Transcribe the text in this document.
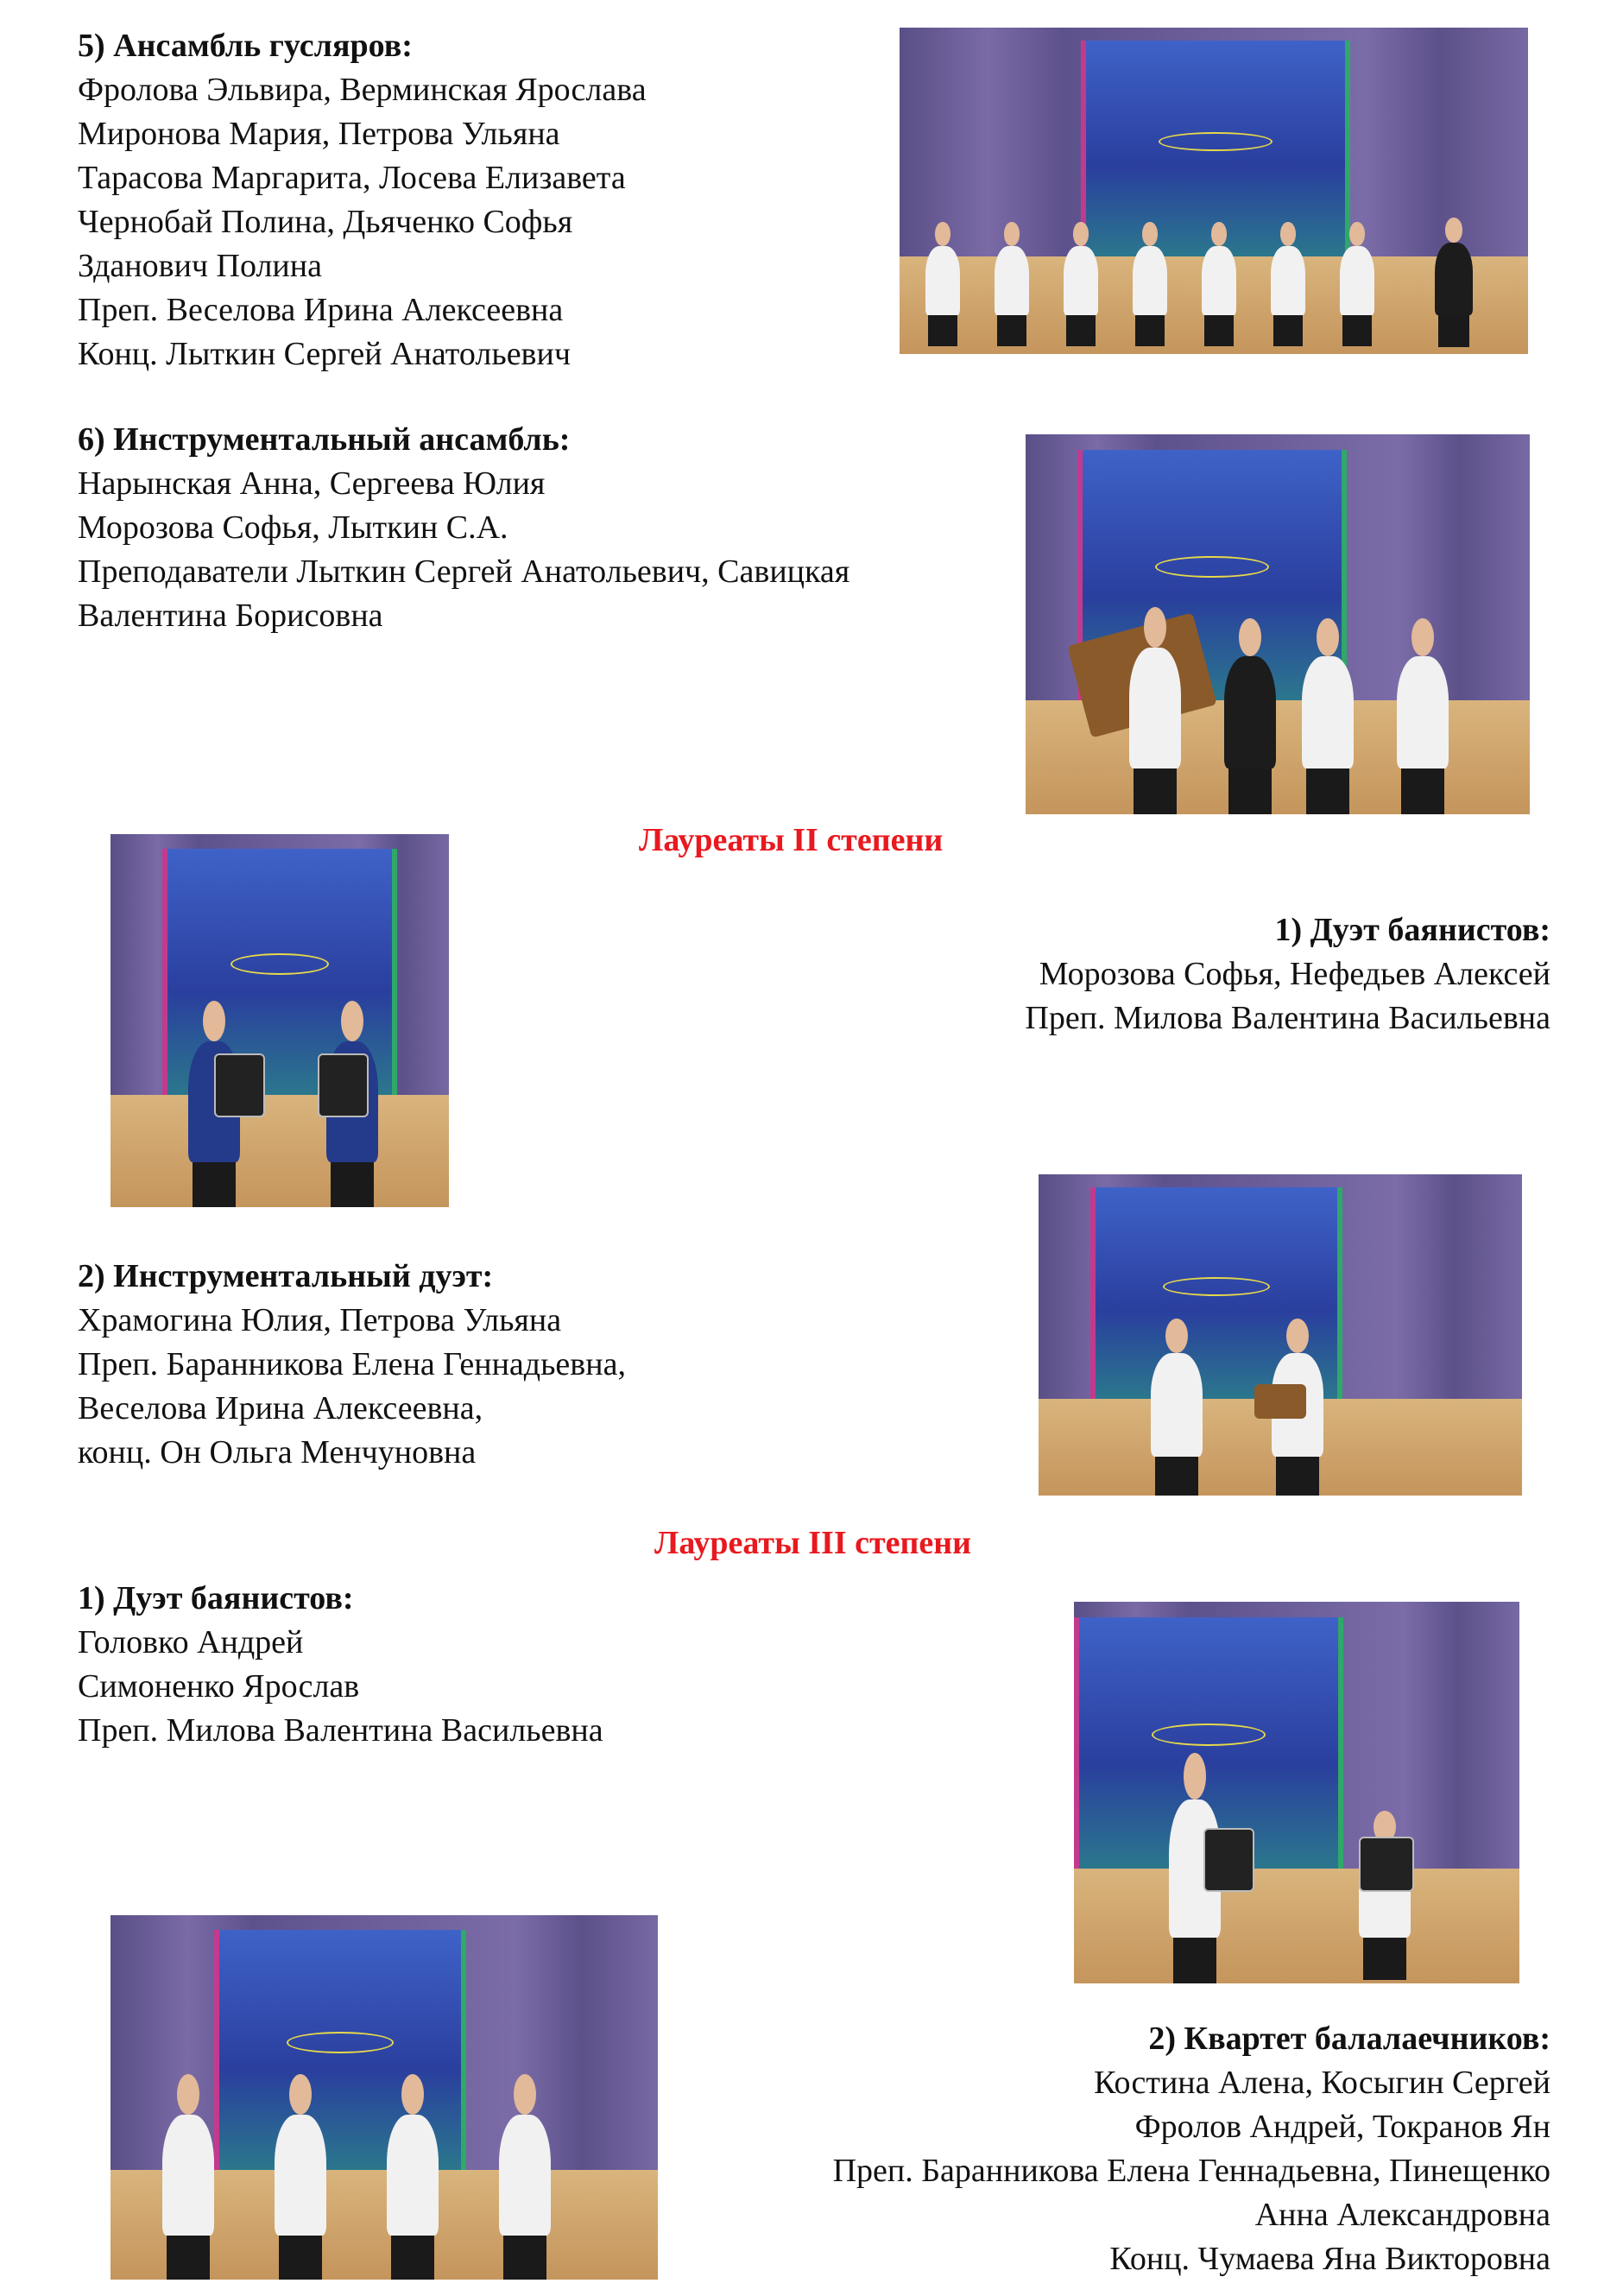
5) Ансамбль гусляров:
Фролова Эльвира, Верминская Ярослава
Миронова Мария, Петрова Ульяна
Тарасова Маргарита, Лосева Елизавета
Чернобай Полина, Дьяченко Софья
Зданович Полина
Преп. Веселова Ирина Алексеевна
Конц. Лыткин Сергей Анатольевич
6) Инструментальный ансамбль:
Нарынская Анна, Сергеева Юлия
Морозова Софья, Лыткин С.А.
Преподаватели Лыткин Сергей Анатольевич, Савицкая
Валентина Борисовна
Лауреаты II степени
1) Дуэт баянистов:
Морозова Софья, Нефедьев Алексей
Преп. Милова Валентина Васильевна
2) Инструментальный дуэт:
Храмогина Юлия, Петрова Ульяна
Преп. Баранникова Елена Геннадьевна,
Веселова Ирина Алексеевна,
конц. Он Ольга Менчуновна
Лауреаты III степени
1) Дуэт баянистов:
Головко Андрей
Симоненко Ярослав
Преп. Милова Валентина Васильевна
2) Квартет балалаечников:
Костина Алена, Косыгин Сергей
Фролов Андрей, Токранов Ян
Преп. Баранникова Елена Геннадьевна, Пинещенко
Анна Александровна
Конц. Чумаева Яна Викторовна
